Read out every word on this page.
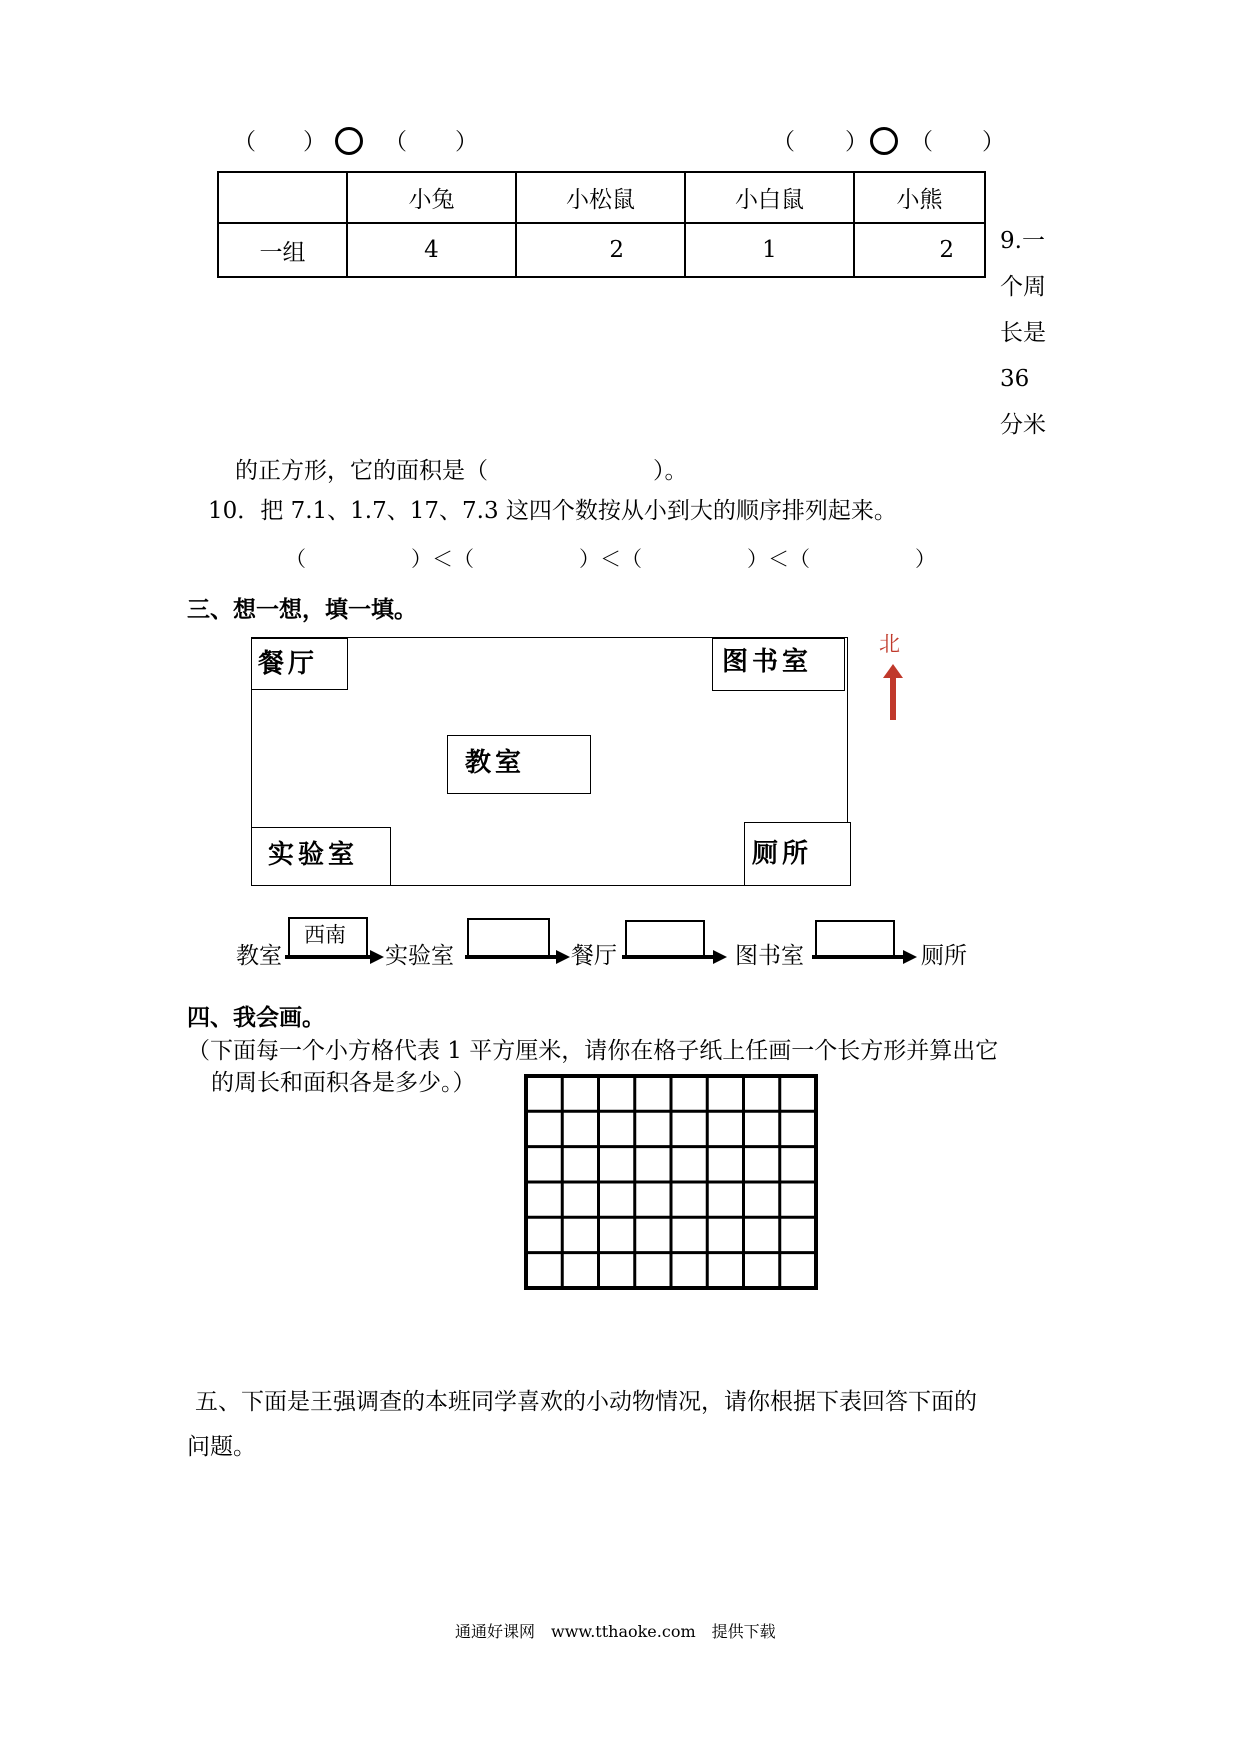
（ ）	（ ）	（ ） （ ）
	小兔	小松鼠	小白鼠	小熊
一组	4	2	1	2 9.一
个周
长是
36
分米
的正方形，它的面积是（	）。
10．把 7.1、1.7、17、7.3 这四个数按从小到大的顺序排列起来。
（　　　　　）＜（　　　　　）＜（　　　　　）＜（　　　　　）
三、想一想，填一填。
餐厅	图书室
教室
实验室	厕所
北
教室
西南
实验室	餐厅	图书室	厕所
四、我会画。
（下面每一个小方格代表 1 平方厘米，请你在格子纸上任画一个长方形并算出它
的周长和面积各是多少。）
五、下面是王强调查的本班同学喜欢的小动物情况，请你根据下表回答下面的
问题。
通通好课网　www.tthaoke.com　提供下载
